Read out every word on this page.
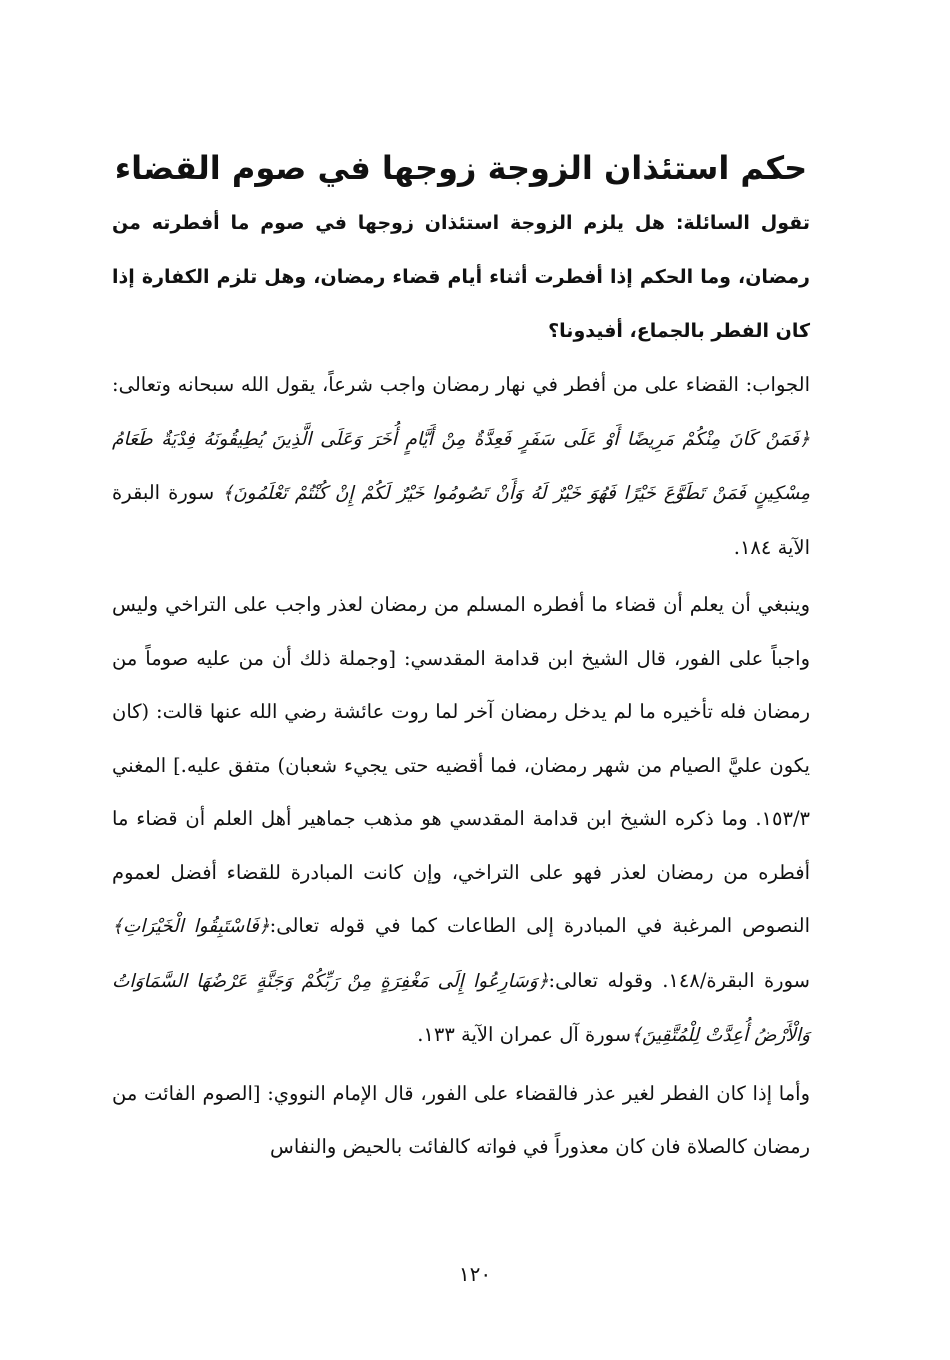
حكم استئذان الزوجة زوجها في صوم القضاء

تقول السائلة: هل يلزم الزوجة استئذان زوجها في صوم ما أفطرته من رمضان، وما الحكم إذا أفطرت أثناء أيام قضاء رمضان، وهل تلزم الكفارة إذا كان الفطر بالجماع، أفيدونا؟

الجواب: القضاء على من أفطر في نهار رمضان واجب شرعاً، يقول الله سبحانه وتعالى:﴿فَمَنْ كَانَ مِنْكُمْ مَرِيضًا أَوْ عَلَى سَفَرٍ فَعِدَّةٌ مِنْ أَيَّامٍ أُخَرَ وَعَلَى الَّذِينَ يُطِيقُونَهُ فِدْيَةٌ طَعَامُ مِسْكِينٍ فَمَنْ تَطَوَّعَ خَيْرًا فَهُوَ خَيْرٌ لَهُ وَأَنْ تَصُومُوا خَيْرٌ لَكُمْ إِنْ كُنْتُمْ تَعْلَمُونَ﴾ سورة البقرة الآية ١٨٤.

وينبغي أن يعلم أن قضاء ما أفطره المسلم من رمضان لعذر واجب على التراخي وليس واجباً على الفور، قال الشيخ ابن قدامة المقدسي: [وجملة ذلك أن من عليه صوماً من رمضان فله تأخيره ما لم يدخل رمضان آخر لما روت عائشة رضي الله عنها قالت: (كان يكون عليَّ الصيام من شهر رمضان، فما أقضيه حتى يجيء شعبان) متفق عليه.] المغني ١٥٣/٣. وما ذكره الشيخ ابن قدامة المقدسي هو مذهب جماهير أهل العلم أن قضاء ما أفطره من رمضان لعذر فهو على التراخي، وإن كانت المبادرة للقضاء أفضل لعموم النصوص المرغبة في المبادرة إلى الطاعات كما في قوله تعالى:﴿فَاسْتَبِقُوا الْخَيْرَاتِ﴾ سورة البقرة/١٤٨. وقوله تعالى:﴿وَسَارِعُوا إِلَى مَغْفِرَةٍ مِنْ رَبِّكُمْ وَجَنَّةٍ عَرْضُهَا السَّمَاوَاتُ وَالْأَرْضُ أُعِدَّتْ لِلْمُتَّقِينَ﴾سورة آل عمران الآية ١٣٣.

وأما إذا كان الفطر لغير عذر فالقضاء على الفور، قال الإمام النووي: [الصوم الفائت من رمضان كالصلاة فان كان معذوراً في فواته كالفائت بالحيض والنفاس

١٢٠
